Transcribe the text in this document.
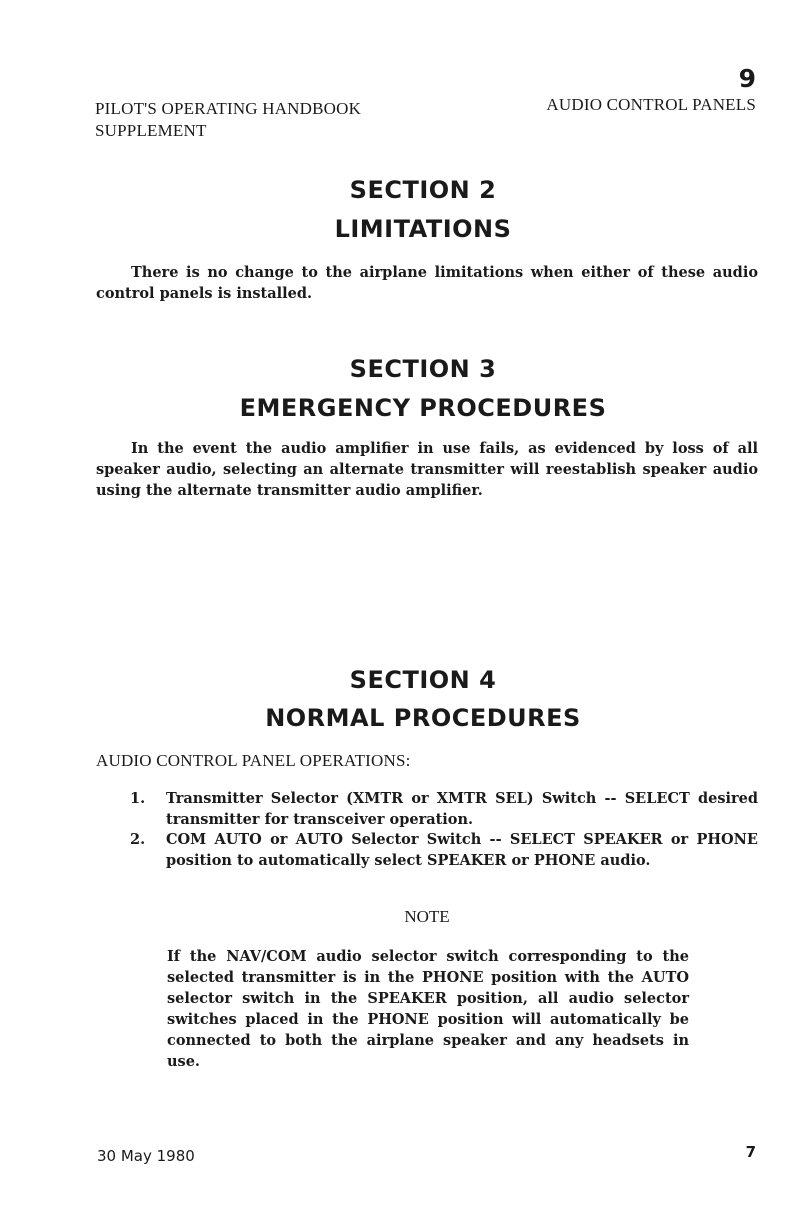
9
PILOT'S OPERATING HANDBOOK
SUPPLEMENT
AUDIO CONTROL PANELS
SECTION 2
LIMITATIONS
There is no change to the airplane limitations when either of these audio control panels is installed.
SECTION 3
EMERGENCY PROCEDURES
In the event the audio amplifier in use fails, as evidenced by loss of all speaker audio, selecting an alternate transmitter will reestablish speaker audio using the alternate transmitter audio amplifier.
SECTION 4
NORMAL PROCEDURES
AUDIO CONTROL PANEL OPERATIONS:
1.	Transmitter Selector (XMTR or XMTR SEL) Switch -- SELECT desired transmitter for transceiver operation.
2.	COM AUTO or AUTO Selector Switch -- SELECT SPEAKER or PHONE position to automatically select SPEAKER or PHONE audio.
NOTE
If the NAV/COM audio selector switch corresponding to the selected transmitter is in the PHONE position with the AUTO selector switch in the SPEAKER position, all audio selector switches placed in the PHONE position will automatically be connected to both the airplane speaker and any headsets in use.
30 May 1980	7
